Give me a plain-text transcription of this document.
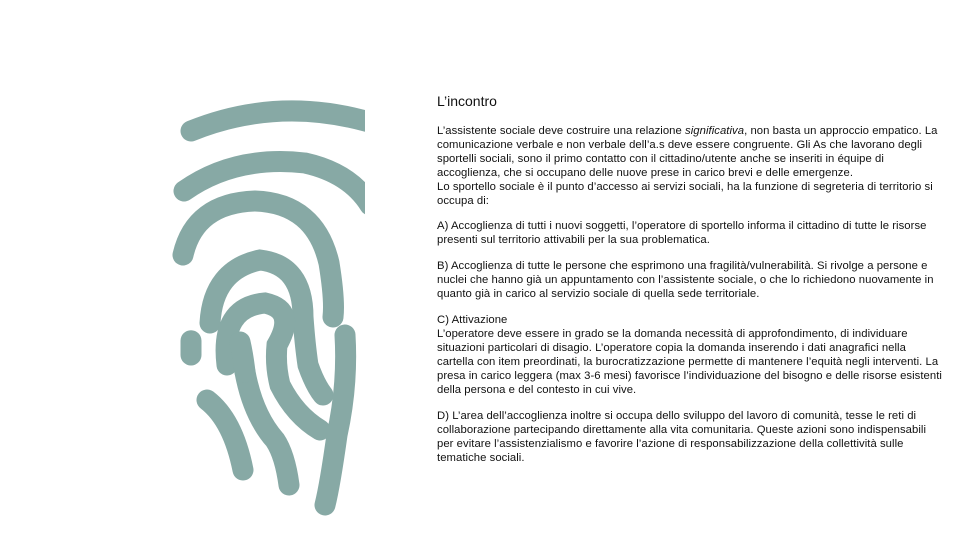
L’incontro
L’assistente sociale deve costruire una relazione significativa, non basta un approccio empatico. La comunicazione verbale e non verbale dell’a.s deve essere congruente. Gli As che lavorano degli sportelli sociali, sono il primo contatto con il cittadino/utente anche se inseriti in équipe di accoglienza, che si occupano delle nuove prese in carico brevi e delle emergenze.
Lo sportello sociale è il punto d’accesso ai servizi sociali, ha la funzione di segreteria di territorio si occupa di:
A) Accoglienza di tutti i nuovi soggetti, l’operatore di sportello informa il cittadino di tutte le risorse presenti sul territorio attivabili per la sua problematica.
B) Accoglienza di tutte le persone che esprimono una fragilità/vulnerabilità. Si rivolge a persone e nuclei che hanno già un appuntamento con l’assistente sociale, o che lo richiedono nuovamente in quanto già in carico al servizio sociale di quella sede territoriale.
C) Attivazione
L’operatore deve essere in grado se la domanda necessità di approfondimento, di individuare situazioni particolari di disagio. L’operatore copia la domanda inserendo i dati anagrafici nella cartella con item preordinati, la burocratizzazione permette di mantenere l’equità negli interventi. La presa in carico leggera (max 3-6 mesi) favorisce l’individuazione del bisogno e delle risorse esistenti della persona e del contesto in cui vive.
D) L’area dell’accoglienza inoltre si occupa dello sviluppo del lavoro di comunità, tesse le reti di collaborazione partecipando direttamente alla vita comunitaria. Queste azioni sono indispensabili per evitare l’assistenzialismo e favorire l’azione di responsabilizzazione della collettività sulle tematiche sociali.
